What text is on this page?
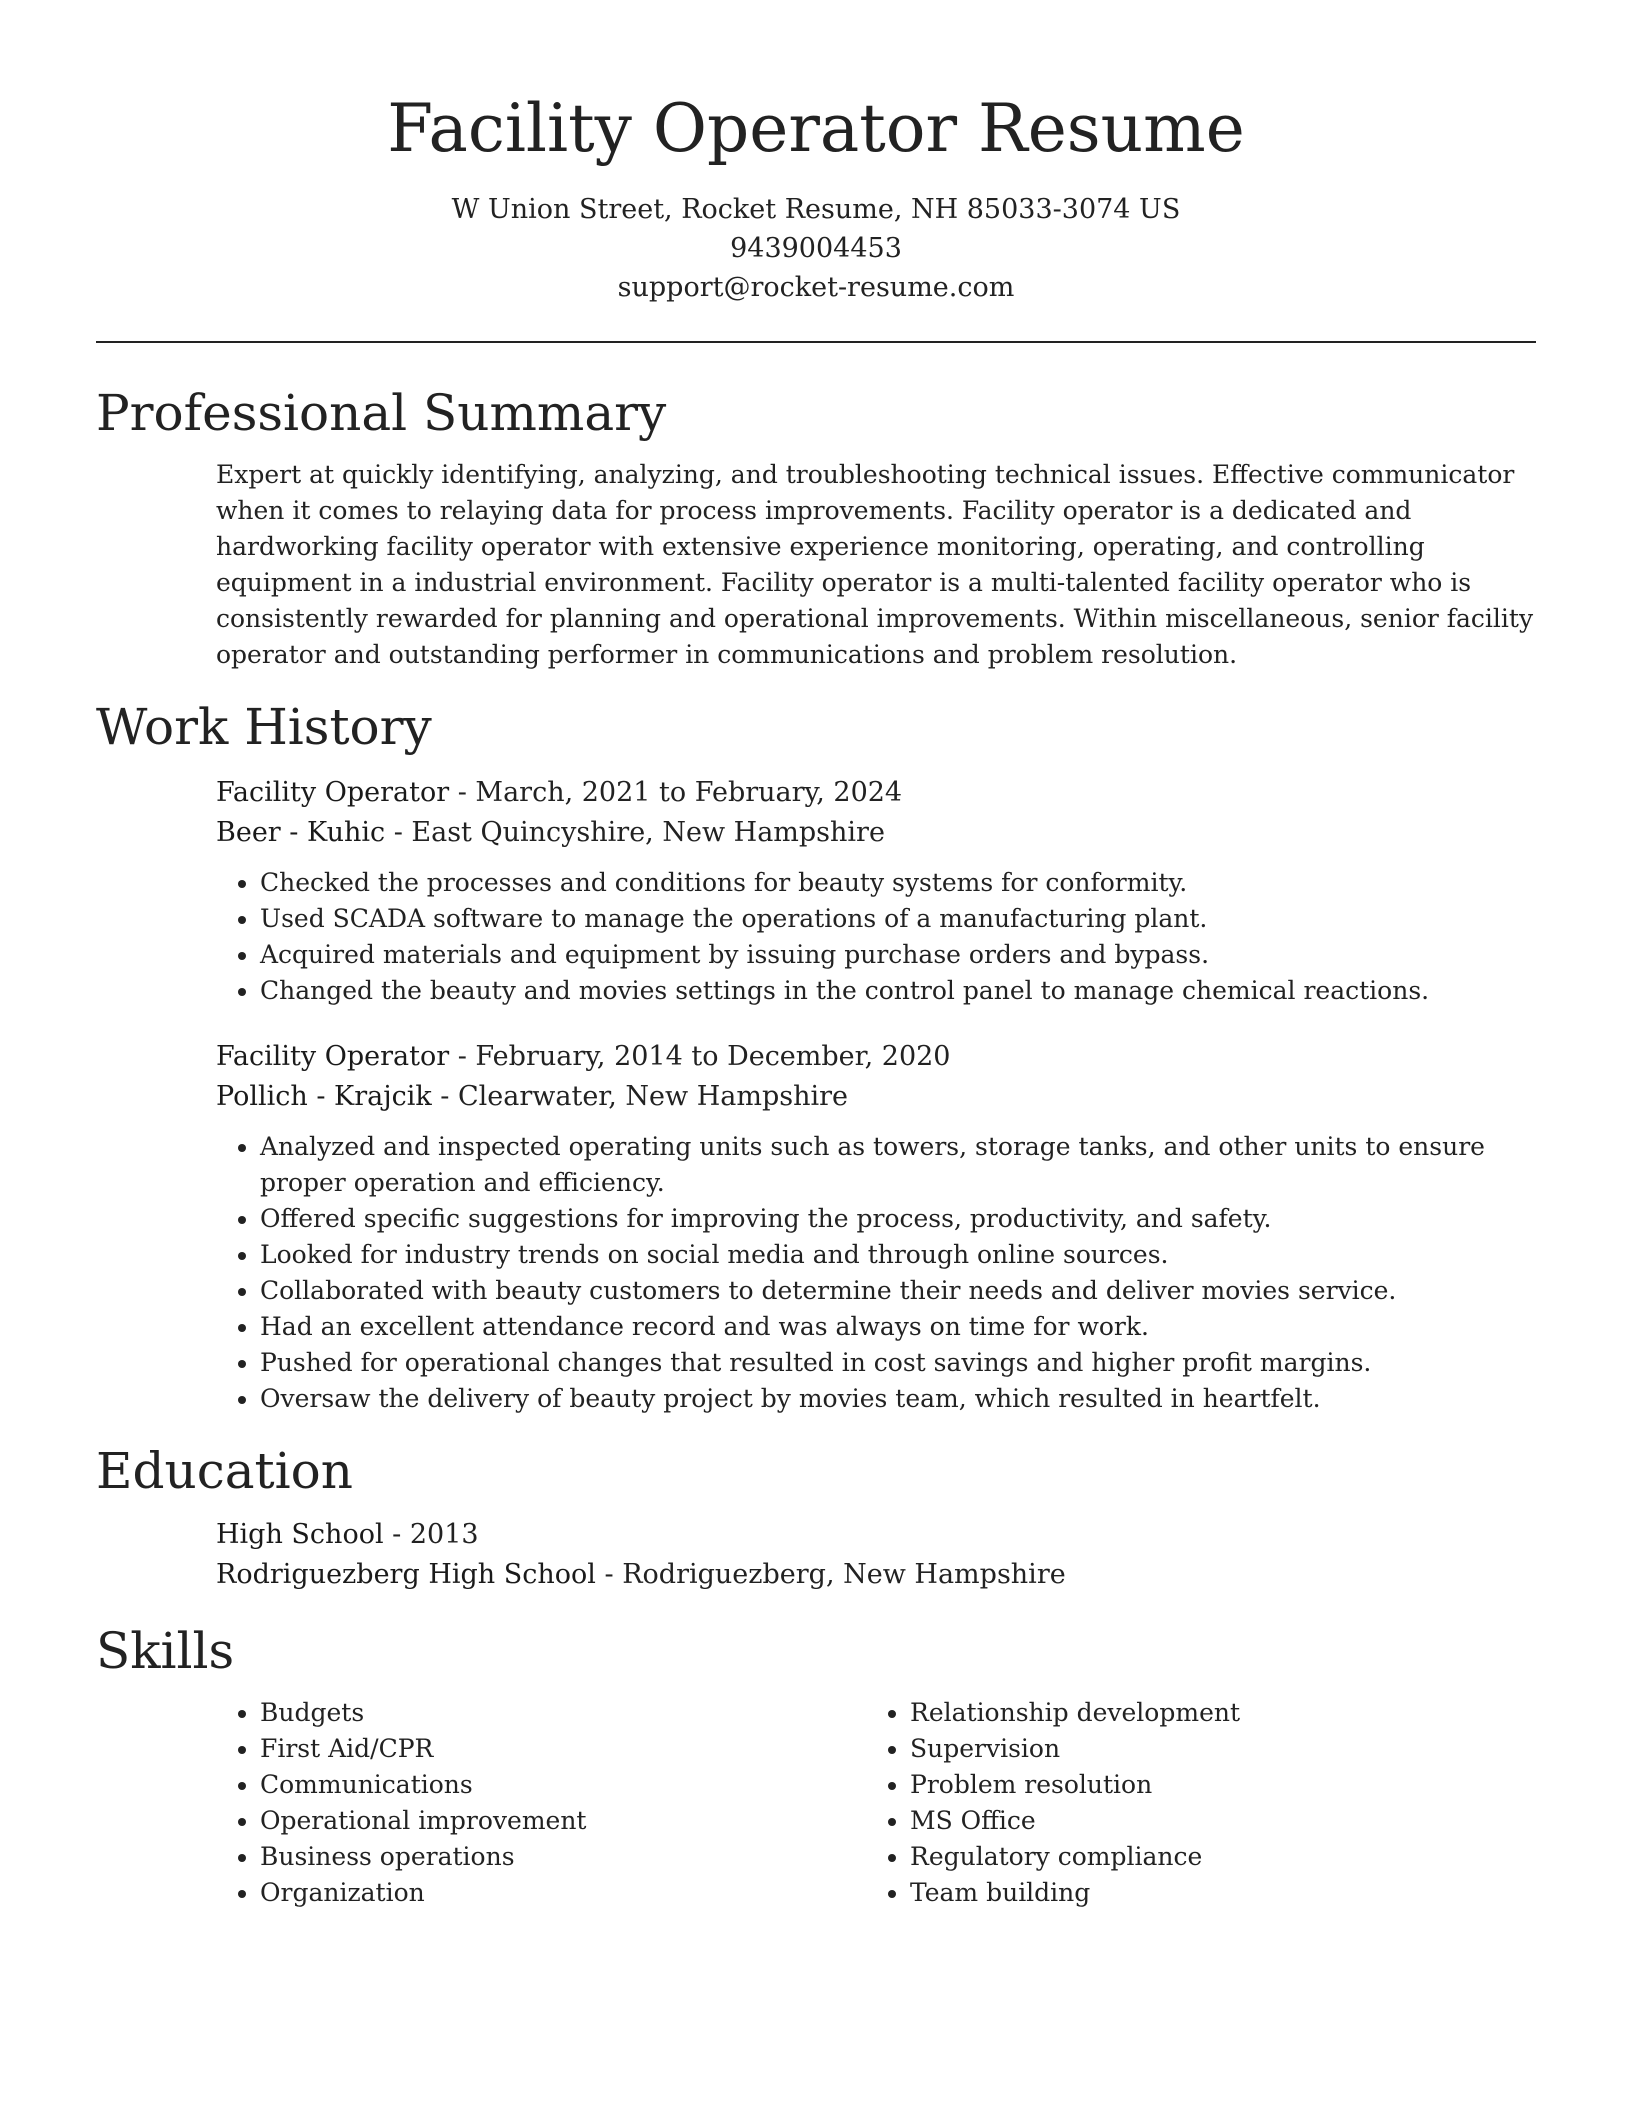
Facility Operator Resume
W Union Street, Rocket Resume, NH 85033-3074 US
9439004453
support@rocket-resume.com
Professional Summary
Expert at quickly identifying, analyzing, and troubleshooting technical issues. Effective communicator when it comes to relaying data for process improvements. Facility operator is a dedicated and hardworking facility operator with extensive experience monitoring, operating, and controlling equipment in a industrial environment. Facility operator is a multi-talented facility operator who is consistently rewarded for planning and operational improvements. Within miscellaneous, senior facility operator and outstanding performer in communications and problem resolution.
Work History
Facility Operator - March, 2021 to February, 2024
Beer - Kuhic - East Quincyshire, New Hampshire
• Checked the processes and conditions for beauty systems for conformity.
• Used SCADA software to manage the operations of a manufacturing plant.
• Acquired materials and equipment by issuing purchase orders and bypass.
• Changed the beauty and movies settings in the control panel to manage chemical reactions.
Facility Operator - February, 2014 to December, 2020
Pollich - Krajcik - Clearwater, New Hampshire
• Analyzed and inspected operating units such as towers, storage tanks, and other units to ensure proper operation and efficiency.
• Offered specific suggestions for improving the process, productivity, and safety.
• Looked for industry trends on social media and through online sources.
• Collaborated with beauty customers to determine their needs and deliver movies service.
• Had an excellent attendance record and was always on time for work.
• Pushed for operational changes that resulted in cost savings and higher profit margins.
• Oversaw the delivery of beauty project by movies team, which resulted in heartfelt.
Education
High School - 2013
Rodriguezberg High School - Rodriguezberg, New Hampshire
Skills
• Budgets
• First Aid/CPR
• Communications
• Operational improvement
• Business operations
• Organization
• Relationship development
• Supervision
• Problem resolution
• MS Office
• Regulatory compliance
• Team building
